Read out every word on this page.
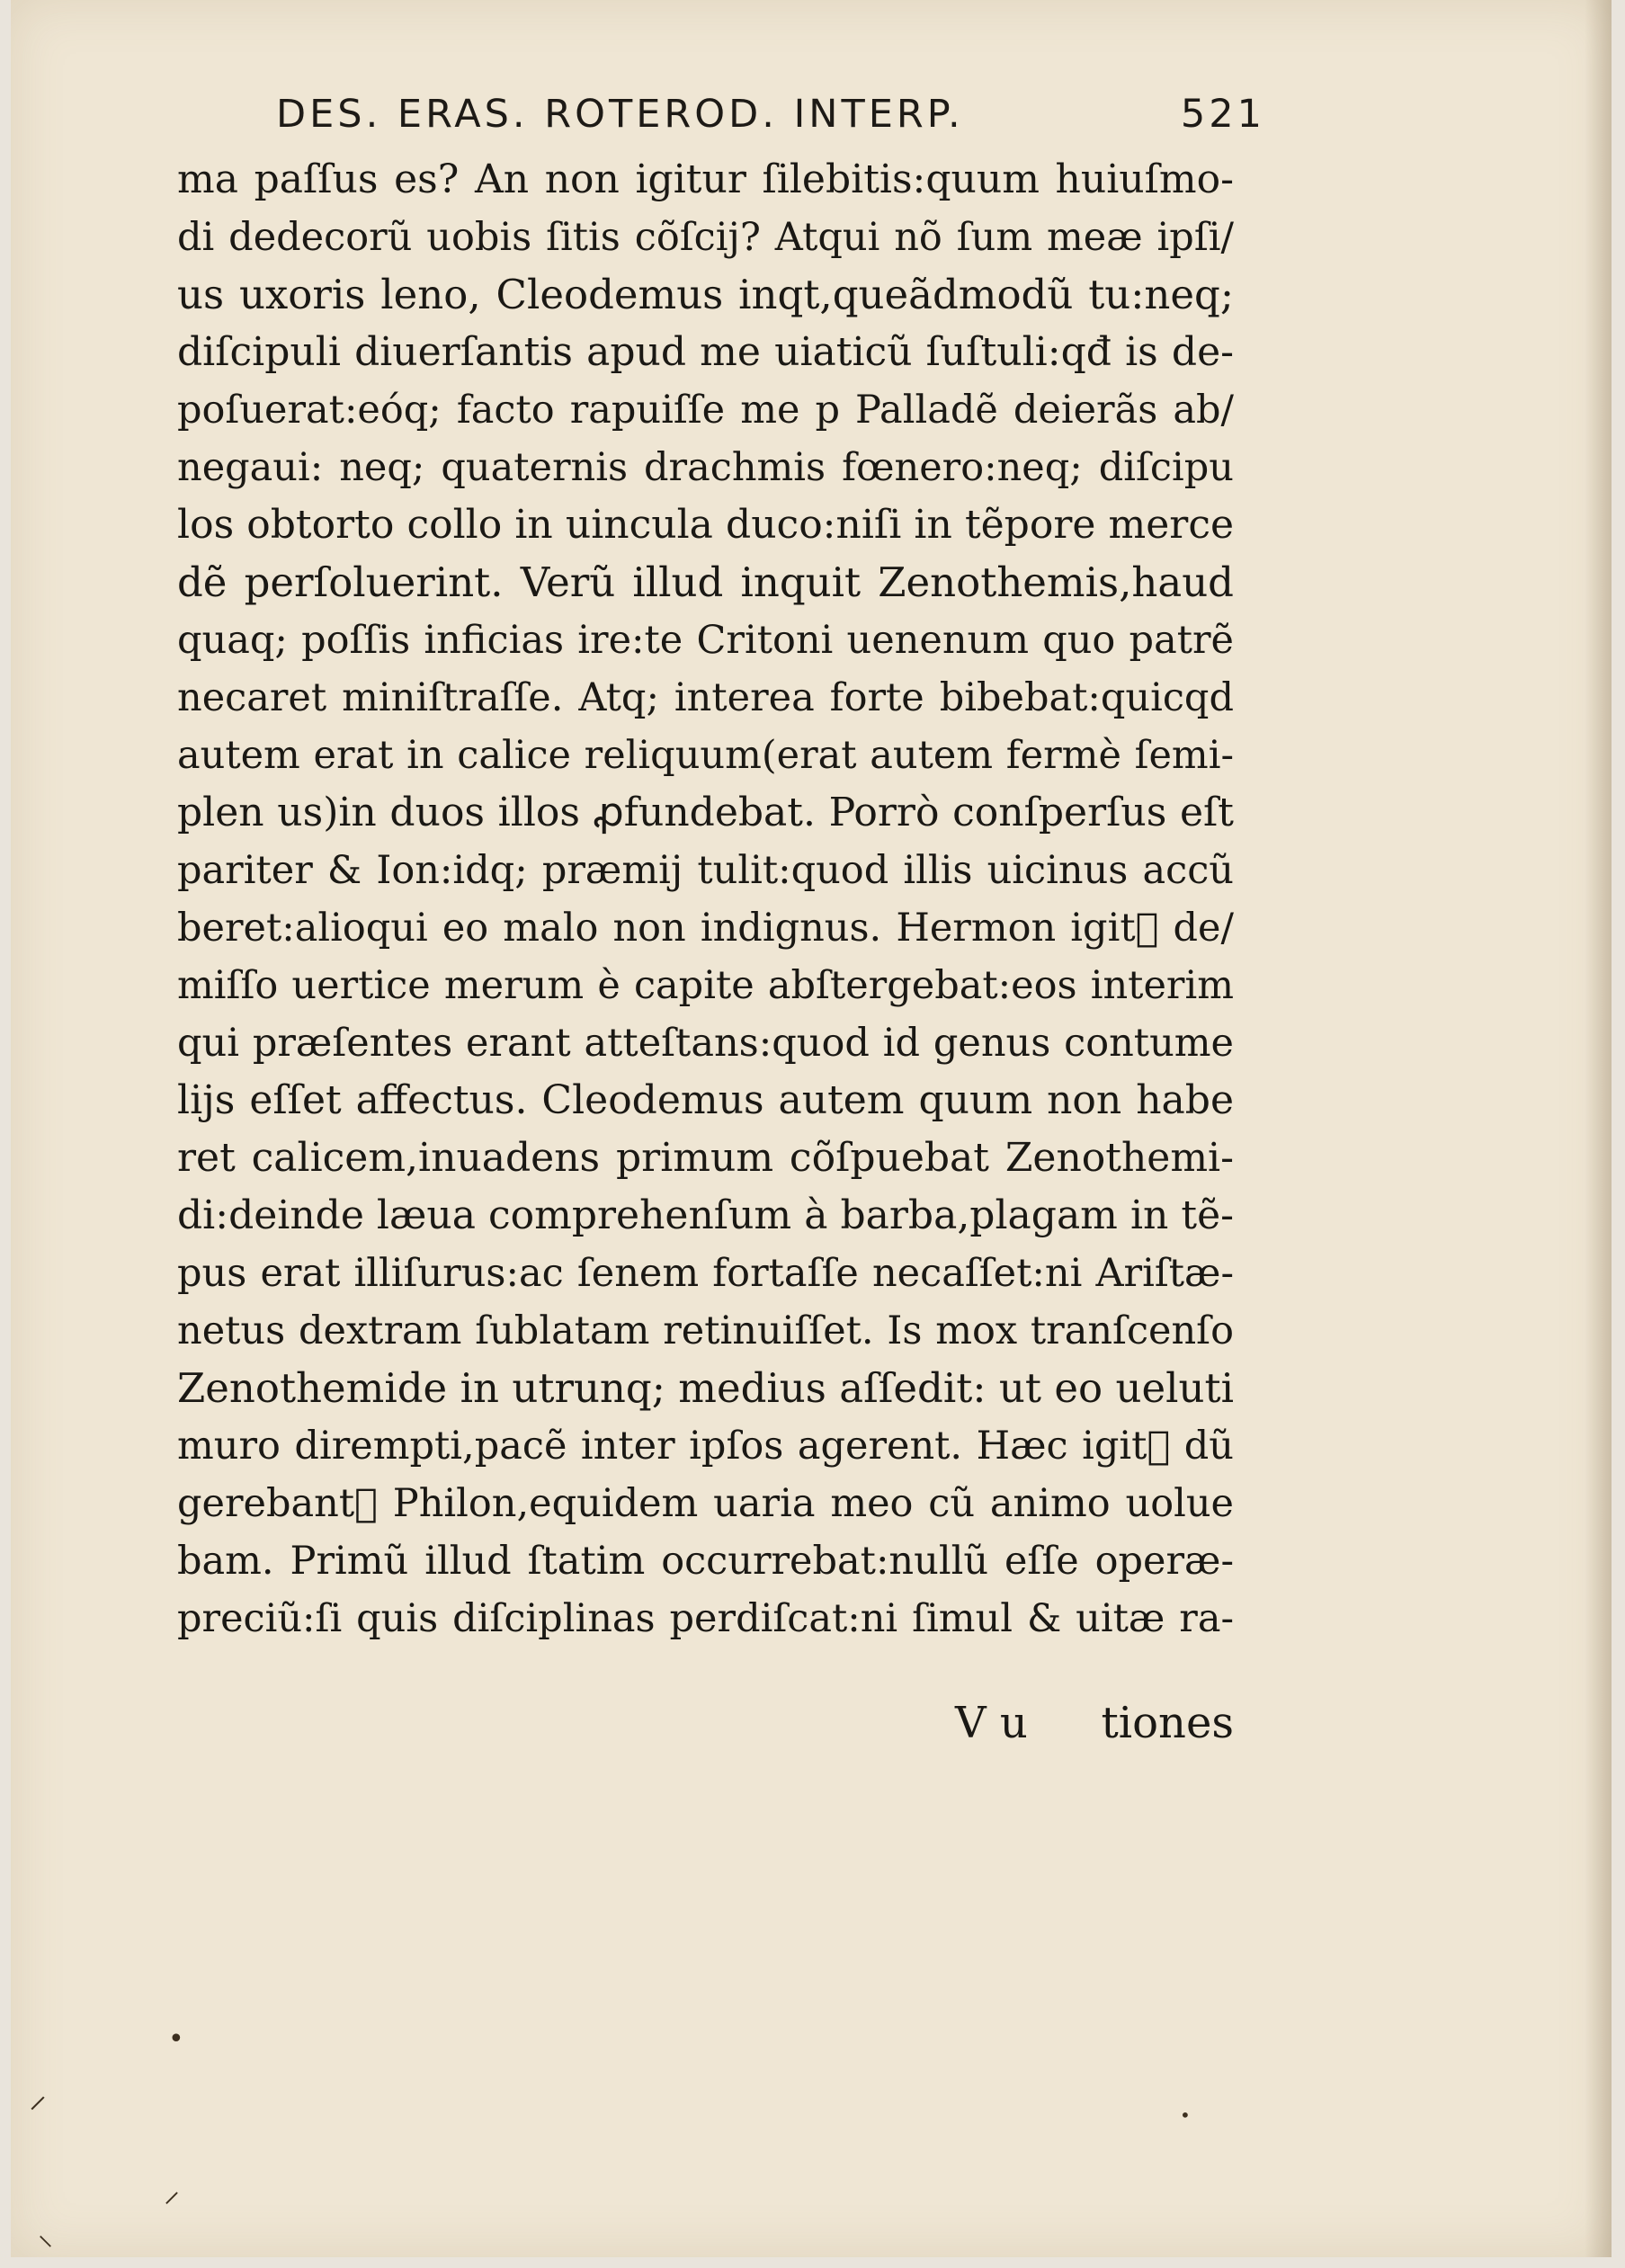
DES. ERAS. ROTEROD. INTERP.	521
ma paſſus es? An non igitur ſilebitis:quum huiuſmo-
di dedecorũ uobis ſitis cõſcij? Atqui nõ ſum meæ ipſi/
us uxoris leno, Cleodemus inqt,queãdmodũ tu:neq;
diſcipuli diuerſantis apud me uiaticũ ſuſtuli:qđ is de-
poſuerat:eóq; facto rapuiſſe me p Palladẽ deierãs ab/
negaui: neq; quaternis drachmis fœnero:neq; diſcipu
los obtorto collo in uincula duco:niſi in tẽpore merce
dẽ perſoluerint. Verũ illud inquit Zenothemis,haud
quaq; poſſis inficias ire:te Critoni uenenum quo patrẽ
necaret miniſtraſſe. Atq; interea forte bibebat:quicqd
autem erat in calice reliquum(erat autem fermè ſemi-
plen us)in duos illos ꝓfundebat. Porrò conſperſus eſt
pariter & Ion:idq; præmij tulit:quod illis uicinus accũ
beret:alioqui eo malo non indignus. Hermon igit᷑ de/
miſſo uertice merum è capite abſtergebat:eos interim
qui præſentes erant atteſtans:quod id genus contume
lijs eſſet affectus. Cleodemus autem quum non habe
ret calicem,inuadens primum cõſpuebat Zenothemi-
di:deinde læua comprehenſum à barba,plagam in tẽ-
pus erat illiſurus:ac ſenem fortaſſe necaſſet:ni Ariſtæ-
netus dextram ſublatam retinuiſſet. Is mox tranſcenſo
Zenothemide in utrunq; medius aſſedit: ut eo ueluti
muro dirempti,pacẽ inter ipſos agerent. Hæc igit᷑ dũ
gerebant᷑ Philon,equidem uaria meo cũ animo uolue
bam. Primũ illud ſtatim occurrebat:nullũ eſſe operæ-
preciũ:ſi quis diſciplinas perdiſcat:ni ſimul & uitæ ra-
V u tiones
•
•
⸝
⸜
⸝
